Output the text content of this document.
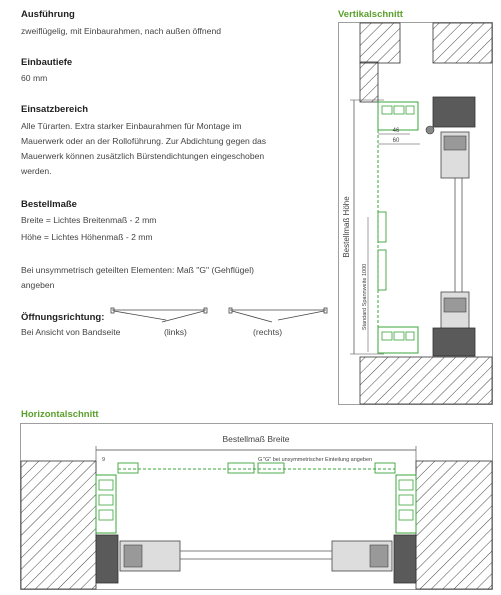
Ausführung
zweiflügelig, mit Einbaurahmen, nach außen öffnend
Einbautiefe
60 mm
Einsatzbereich
Alle Türarten. Extra starker Einbaurahmen für Montage im
Mauerwerk oder an der Rolloführung. Zur Abdichtung gegen das
Mauerwerk können zusätzlich Bürstendichtungen eingeschoben
werden.
Bestellmaße
Breite = Lichtes Breitenmaß - 2 mm
Höhe = Lichtes Höhenmaß - 2 mm
Bei unsymmetrisch geteilten Elementen: Maß "G" (Gehflügel)
angeben
Öffnungsrichtung:
Bei Ansicht von Bandseite	(links)	(rechts)
Vertikalschnitt
Bestellmaß Höhe
Standard Spannweite 1000
46
60
Horizontalschnitt
Bestellmaß Breite
9	G "G" bei unsymmetrischer Einteilung angeben
